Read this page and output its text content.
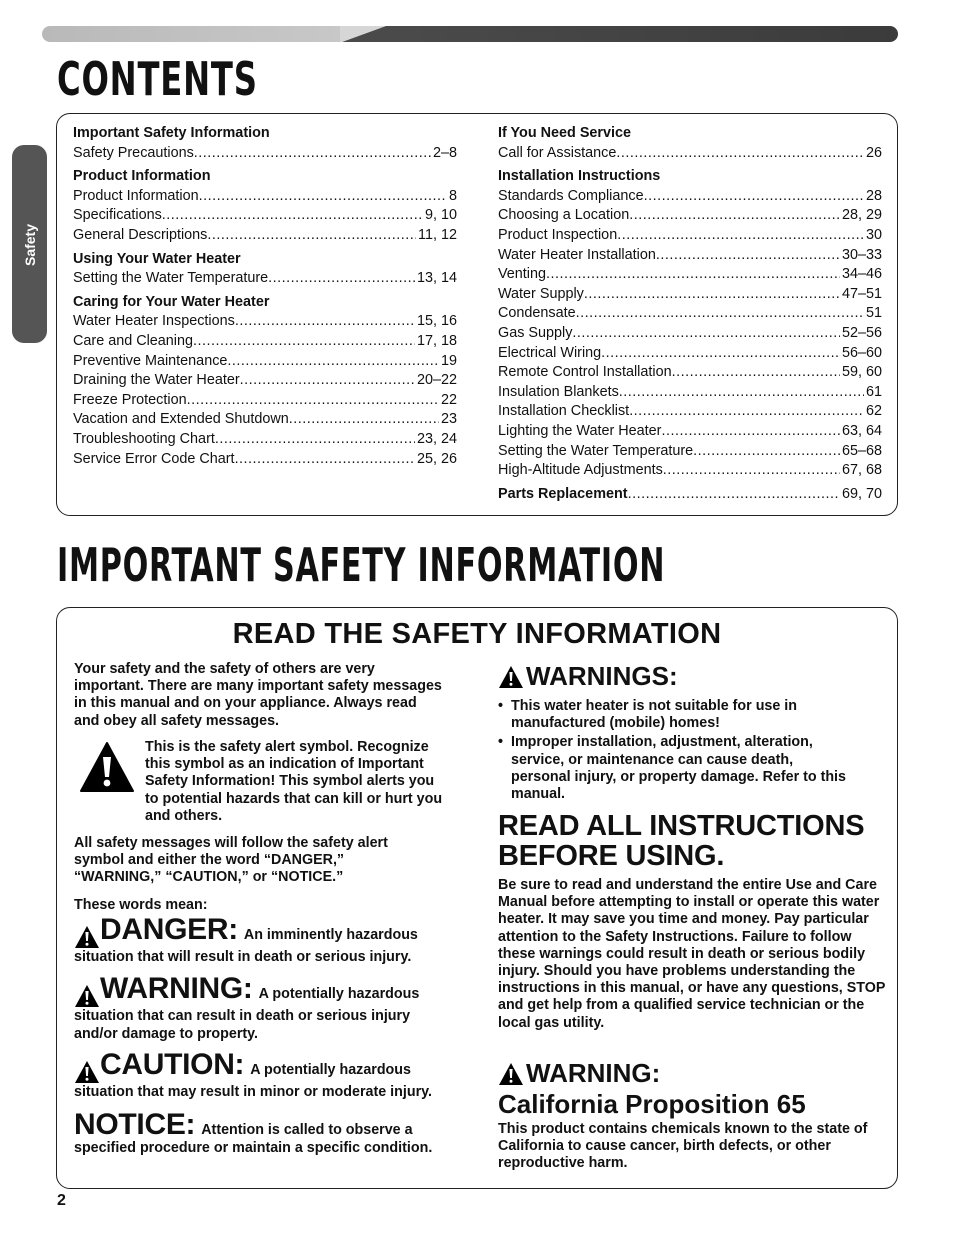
CONTENTS
Safety
Important Safety Information
Safety Precautions .....	2–8
Product Information
Product Information .....	8
Specifications .....	9, 10
General Descriptions .....	11, 12
Using Your Water Heater
Setting the Water Temperature .....	13, 14
Caring for Your Water Heater
Water Heater Inspections .....	15, 16
Care and Cleaning .....	17, 18
Preventive Maintenance .....	19
Draining the Water Heater .....	20–22
Freeze Protection .....	22
Vacation and Extended Shutdown .....	23
Troubleshooting Chart .....	23, 24
Service Error Code Chart .....	25, 26
If You Need Service
Call for Assistance .....	26
Installation Instructions
Standards Compliance .....	28
Choosing a Location .....	28, 29
Product Inspection .....	30
Water Heater Installation .....	30–33
Venting .....	34–46
Water Supply .....	47–51
Condensate .....	51
Gas Supply .....	52–56
Electrical Wiring .....	56–60
Remote Control Installation .....	59, 60
Insulation Blankets .....	61
Installation Checklist .....	62
Lighting the Water Heater .....	63, 64
Setting the Water Temperature .....	65–68
High-Altitude Adjustments .....	67, 68
Parts Replacement .....	69, 70
IMPORTANT SAFETY INFORMATION
READ THE SAFETY INFORMATION
Your safety and the safety of others are very important. There are many important safety messages in this manual and on your appliance. Always read and obey all safety messages.
This is the safety alert symbol. Recognize this symbol as an indication of Important Safety Information! This symbol alerts you to potential hazards that can kill or hurt you and others.
All safety messages will follow the safety alert symbol and either the word “DANGER,” “WARNING,” “CAUTION,” or “NOTICE.”
These words mean:
DANGER: An imminently hazardous
situation that will result in death or serious injury.
WARNING: A potentially hazardous
situation that can result in death or serious injury and/or damage to property.
CAUTION: A potentially hazardous
situation that may result in minor or moderate injury.
NOTICE: Attention is called to observe a
specified procedure or maintain a specific condition.
WARNINGS:
• This water heater is not suitable for use in manufactured (mobile) homes!
• Improper installation, adjustment, alteration, service, or maintenance can cause death, personal injury, or property damage. Refer to this manual.
READ ALL INSTRUCTIONS
BEFORE USING.
Be sure to read and understand the entire Use and Care Manual before attempting to install or operate this water heater. It may save you time and money. Pay particular attention to the Safety Instructions. Failure to follow these warnings could result in death or serious bodily injury. Should you have problems understanding the instructions in this manual, or have any questions, STOP and get help from a qualified service technician or the local gas utility.
WARNING:
California Proposition 65
This product contains chemicals known to the state of California to cause cancer, birth defects, or other reproductive harm.
2
